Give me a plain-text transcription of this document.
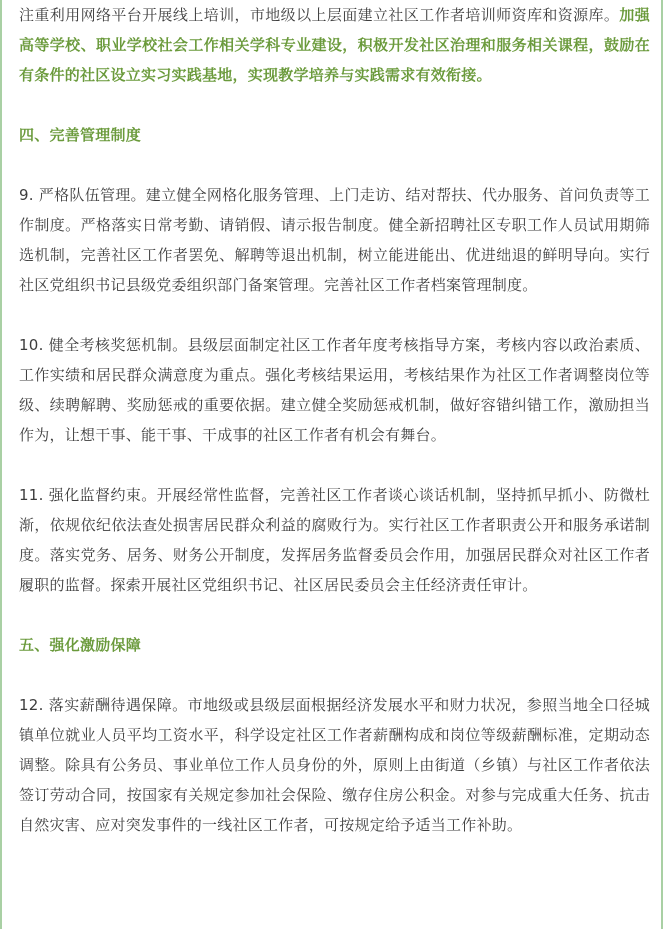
注重利用网络平台开展线上培训，市地级以上层面建立社区工作者培训师资库和资源库。加强高等学校、职业学校社会工作相关学科专业建设，积极开发社区治理和服务相关课程，鼓励在有条件的社区设立实习实践基地，实现教学培养与实践需求有效衔接。

四、完善管理制度

9. 严格队伍管理。建立健全网格化服务管理、上门走访、结对帮扶、代办服务、首问负责等工作制度。严格落实日常考勤、请销假、请示报告制度。健全新招聘社区专职工作人员试用期筛选机制，完善社区工作者罢免、解聘等退出机制，树立能进能出、优进绌退的鲜明导向。实行社区党组织书记县级党委组织部门备案管理。完善社区工作者档案管理制度。

10. 健全考核奖惩机制。县级层面制定社区工作者年度考核指导方案，考核内容以政治素质、工作实绩和居民群众满意度为重点。强化考核结果运用，考核结果作为社区工作者调整岗位等级、续聘解聘、奖励惩戒的重要依据。建立健全奖励惩戒机制，做好容错纠错工作，激励担当作为，让想干事、能干事、干成事的社区工作者有机会有舞台。

11. 强化监督约束。开展经常性监督，完善社区工作者谈心谈话机制，坚持抓早抓小、防微杜渐，依规依纪依法查处损害居民群众利益的腐败行为。实行社区工作者职责公开和服务承诺制度。落实党务、居务、财务公开制度，发挥居务监督委员会作用，加强居民群众对社区工作者履职的监督。探索开展社区党组织书记、社区居民委员会主任经济责任审计。

五、强化激励保障

12. 落实薪酬待遇保障。市地级或县级层面根据经济发展水平和财力状况，参照当地全口径城镇单位就业人员平均工资水平，科学设定社区工作者薪酬构成和岗位等级薪酬标准，定期动态调整。除具有公务员、事业单位工作人员身份的外，原则上由街道（乡镇）与社区工作者依法签订劳动合同，按国家有关规定参加社会保险、缴存住房公积金。对参与完成重大任务、抗击自然灾害、应对突发事件的一线社区工作者，可按规定给予适当工作补助。
